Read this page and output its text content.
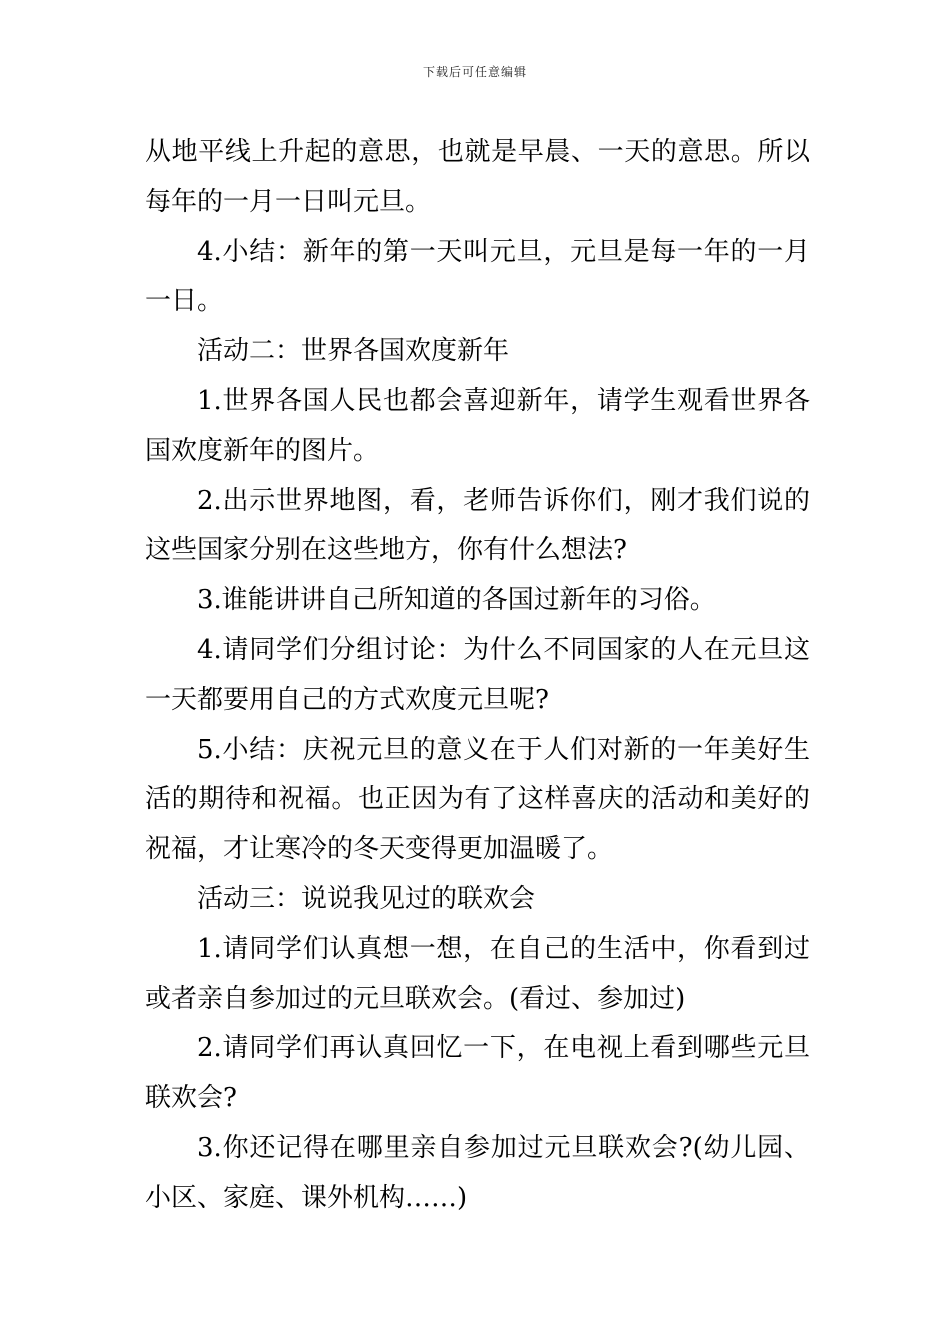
下载后可任意编辑

从地平线上升起的意思，也就是早晨、一天的意思。所以每年的一月一日叫元旦。

4.小结：新年的第一天叫元旦，元旦是每一年的一月一日。

活动二：世界各国欢度新年

1.世界各国人民也都会喜迎新年，请学生观看世界各国欢度新年的图片。

2.出示世界地图，看，老师告诉你们，刚才我们说的这些国家分别在这些地方，你有什么想法?

3.谁能讲讲自己所知道的各国过新年的习俗。

4.请同学们分组讨论：为什么不同国家的人在元旦这一天都要用自己的方式欢度元旦呢?

5.小结：庆祝元旦的意义在于人们对新的一年美好生活的期待和祝福。也正因为有了这样喜庆的活动和美好的祝福，才让寒冷的冬天变得更加温暖了。

活动三：说说我见过的联欢会

1.请同学们认真想一想，在自己的生活中，你看到过或者亲自参加过的元旦联欢会。(看过、参加过)

2.请同学们再认真回忆一下，在电视上看到哪些元旦联欢会?

3.你还记得在哪里亲自参加过元旦联欢会?(幼儿园、小区、家庭、课外机构……)
